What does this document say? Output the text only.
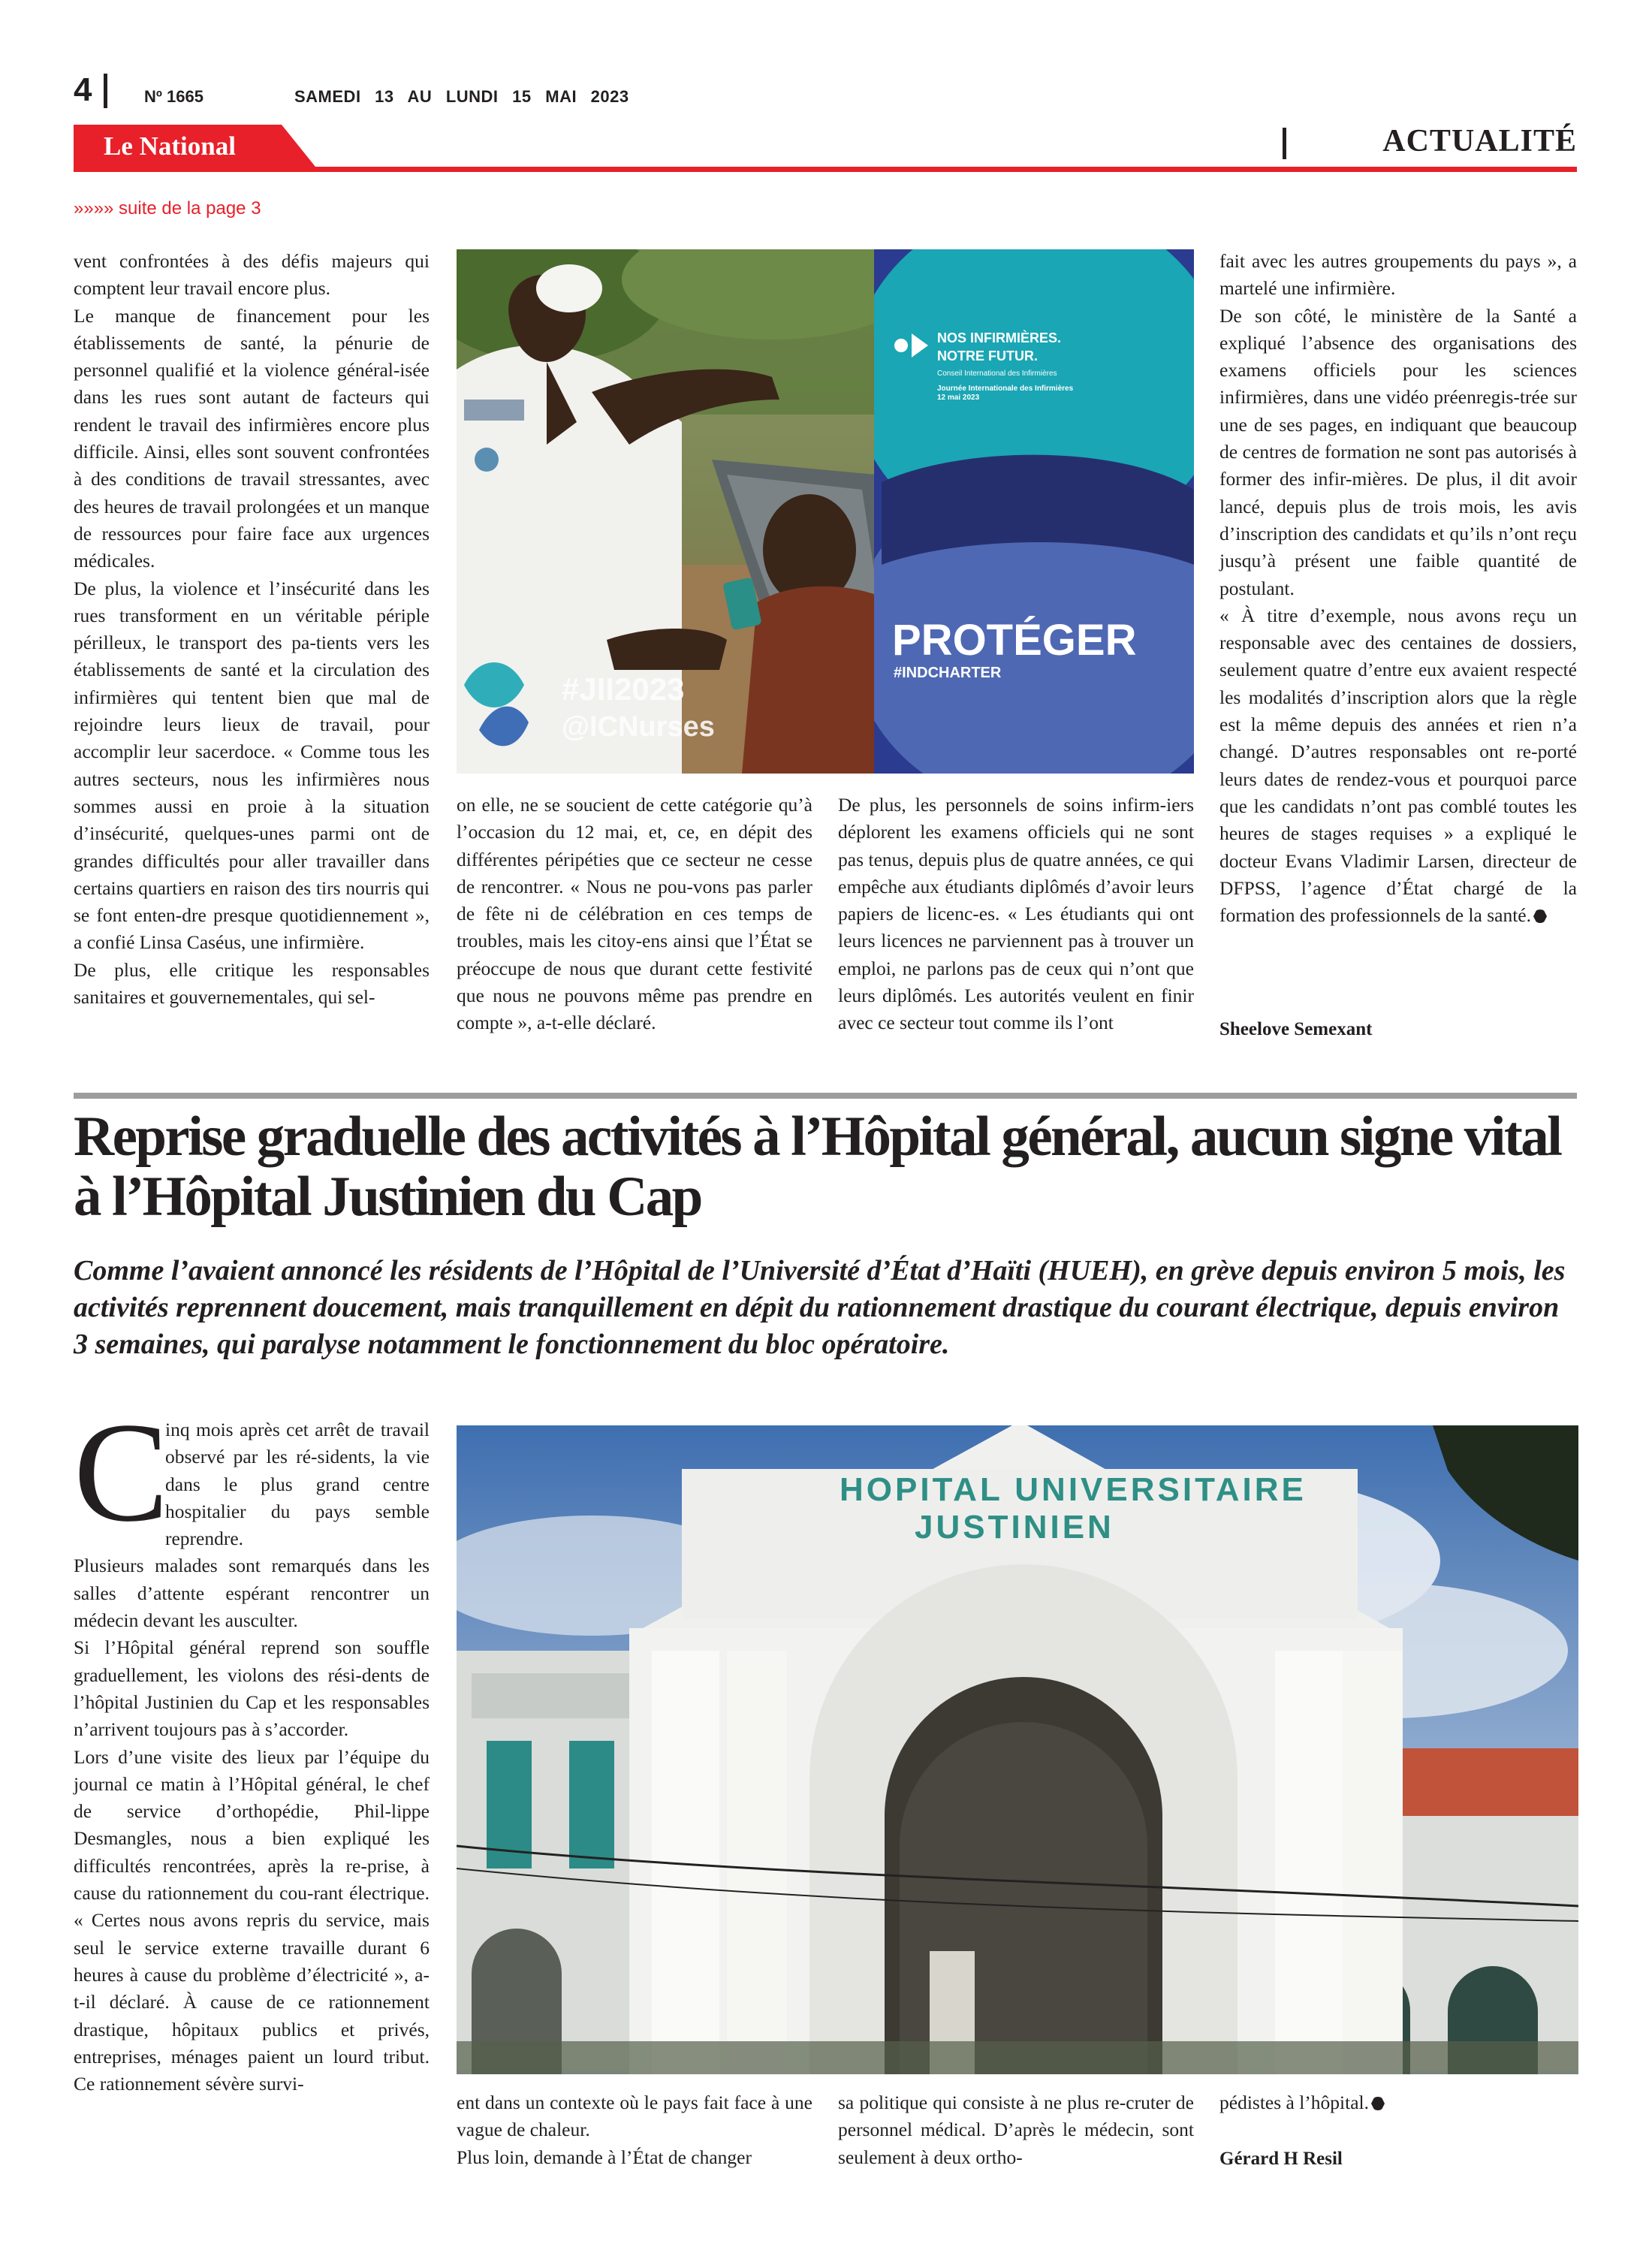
4	Nº 1665	SAMEDI 13 AU LUNDI 15 MAI 2023
Le National	ACTUALITÉ
»»»» suite de la page 3

vent confrontées à des défis majeurs qui comptent leur travail encore plus.

Le manque de financement pour les établissements de santé, la pénurie de personnel qualifié et la violence général-isée dans les rues sont autant de facteurs qui rendent le travail des infirmières encore plus difficile. Ainsi, elles sont souvent confrontées à des conditions de travail stressantes, avec des heures de travail prolongées et un manque de ressources pour faire face aux urgences médicales.

De plus, la violence et l’insécurité dans les rues transforment en un véritable périple périlleux, le transport des pa-tients vers les établissements de santé et la circulation des infirmières qui tentent bien que mal de rejoindre leurs lieux de travail, pour accomplir leur sacerdoce. « Comme tous les autres secteurs, nous les infirmières nous sommes aussi en proie à la situation d’insécurité, quelques-unes parmi ont de grandes difficultés pour aller travailler dans certains quartiers en raison des tirs nourris qui se font enten-dre presque quotidiennement », a confié Linsa Caséus, une infirmière.

De plus, elle critique les responsables sanitaires et gouvernementales, qui sel-

#JII2023
@ICNurses
NOS INFIRMIÈRES.
NOTRE FUTUR.
Conseil International des Infirmières
Journée Internationale des Infirmières
12 mai 2023
PROTÉGER
#INDCHARTER

on elle, ne se soucient de cette catégorie qu’à l’occasion du 12 mai, et, ce, en dépit des différentes péripéties que ce secteur ne cesse de rencontrer. « Nous ne pou-vons pas parler de fête ni de célébration en ces temps de troubles, mais les citoy-ens ainsi que l’État se préoccupe de nous que durant cette festivité que nous ne pouvons même pas prendre en compte », a-t-elle déclaré.

De plus, les personnels de soins infirm-iers déplorent les examens officiels qui ne sont pas tenus, depuis plus de quatre années, ce qui empêche aux étudiants diplômés d’avoir leurs papiers de licenc-es. « Les étudiants qui ont leurs licences ne parviennent pas à trouver un emploi, ne parlons pas de ceux qui n’ont que leurs diplômés. Les autorités veulent en finir avec ce secteur tout comme ils l’ont

fait avec les autres groupements du pays », a martelé une infirmière.

De son côté, le ministère de la Santé a expliqué l’absence des organisations des examens officiels pour les sciences infirmières, dans une vidéo préenregis-trée sur une de ses pages, en indiquant que beaucoup de centres de formation ne sont pas autorisés à former des infir-mières. De plus, il dit avoir lancé, depuis plus de trois mois, les avis d’inscription des candidats et qu’ils n’ont reçu jusqu’à présent une faible quantité de postulant.

« À titre d’exemple, nous avons reçu un responsable avec des centaines de dossiers, seulement quatre d’entre eux avaient respecté les modalités d’inscription alors que la règle est la même depuis des années et rien n’a changé. D’autres responsables ont re-porté leurs dates de rendez-vous et pourquoi parce que les candidats n’ont pas comblé toutes les heures de stages requises » a expliqué le docteur Evans Vladimir Larsen, directeur de DFPSS, l’agence d’État chargé de la formation des professionnels de la santé.

Sheelove Semexant
Reprise graduelle des activités à l’Hôpital général, aucun signe vital à l’Hôpital Justinien du Cap

Comme l’avaient annoncé les résidents de l’Hôpital de l’Université d’État d’Haïti (HUEH), en grève depuis environ 5 mois, les activités reprennent doucement, mais tranquillement en dépit du rationnement drastique du courant électrique, depuis environ 3 semaines, qui paralyse notamment le fonctionnement du bloc opératoire.

C

inq mois après cet arrêt de travail observé par les ré-sidents, la vie dans le plus grand centre hospitalier du pays semble reprendre.

Plusieurs malades sont remarqués dans les salles d’attente espérant rencontrer un médecin devant les ausculter.

Si l’Hôpital général reprend son souffle graduellement, les violons des rési-dents de l’hôpital Justinien du Cap et les responsables n’arrivent toujours pas à s’accorder.

Lors d’une visite des lieux par l’équipe du journal ce matin à l’Hôpital général, le chef de service d’orthopédie, Phil-lippe Desmangles, nous a bien expliqué les difficultés rencontrées, après la re-prise, à cause du rationnement du cou-rant électrique. « Certes nous avons repris du service, mais seul le service externe travaille durant 6 heures à cause du problème d’électricité », a-t-il déclaré. À cause de ce rationnement drastique, hôpitaux publics et privés, entreprises, ménages paient un lourd tribut. Ce rationnement sévère survi-

HOPITAL UNIVERSITAIRE
JUSTINIEN

ent dans un contexte où le pays fait face à une vague de chaleur.

Plus loin, demande à l’État de changer

sa politique qui consiste à ne plus re-cruter de personnel médical. D’après le médecin, sont seulement à deux ortho-

pédistes à l’hôpital.

Gérard H Resil
